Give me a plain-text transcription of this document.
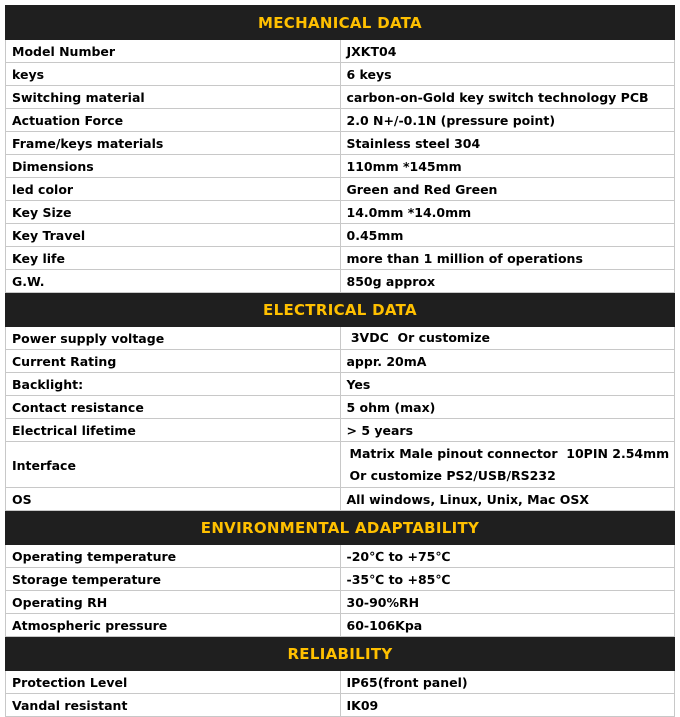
MECHANICAL DATA	
Model Number	JXKT04
keys	6 keys
Switching material	carbon-on-Gold key switch technology PCB
Actuation Force	2.0 N+/-0.1N (pressure point)
Frame/keys materials	Stainless steel 304
Dimensions	110mm *145mm
led color	Green and Red Green
Key Size	14.0mm *14.0mm
Key Travel	0.45mm
Key life	more than 1 million of operations
G.W.	850g approx
ELECTRICAL DATA	
Power supply voltage	3VDC  Or customize

Current Rating	appr. 20mA
Backlight:	Yes
Contact resistance	5 ohm (max)
Electrical lifetime	> 5 years
Interface	Matrix Male pinout connector  10PIN 2.54mm
Or customize PS2/USB/RS232

OS	All windows, Linux, Unix, Mac OSX
ENVIRONMENTAL ADAPTABILITY	
Operating temperature	-20℃ to +75℃
Storage temperature	-35℃ to +85℃
Operating RH	30-90%RH
Atmospheric pressure	60-106Kpa
RELIABILITY	
Protection Level	IP65(front panel)
Vandal resistant	IK09
